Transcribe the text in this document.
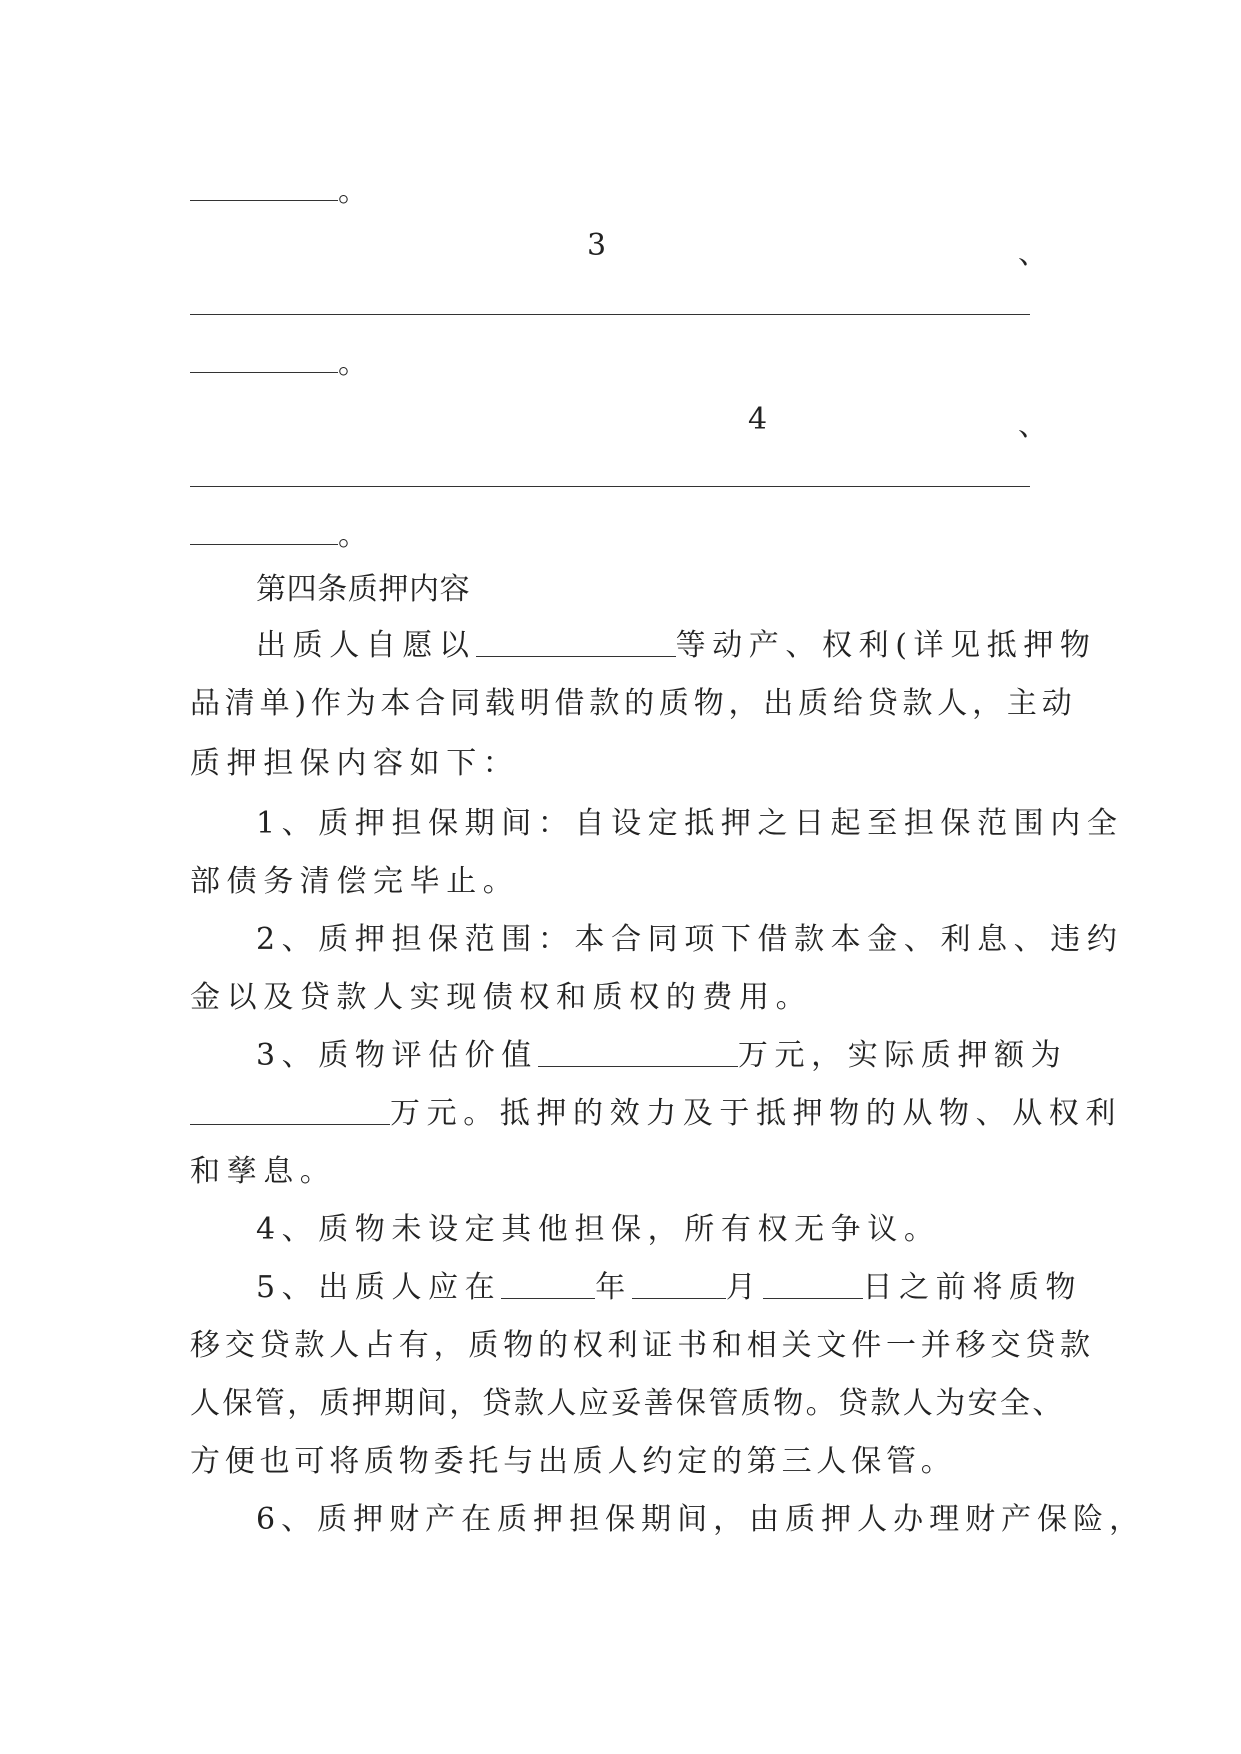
。
3	、
。
4	、
。
第四条质押内容
出质人自愿以	等动产、权利(详见抵押物
品清单)作为本合同载明借款的质物，出质给贷款人，主动
质押担保内容如下：
1、质押担保期间：自设定抵押之日起至担保范围内全
部债务清偿完毕止。
2、质押担保范围：本合同项下借款本金、利息、违约
金以及贷款人实现债权和质权的费用。
3、质物评估价值	万元，实际质押额为
万元。抵押的效力及于抵押物的从物、从权利
和孳息。
4、质物未设定其他担保，所有权无争议。
5、出质人应在	年	月	日之前将质物
移交贷款人占有，质物的权利证书和相关文件一并移交贷款
人保管，质押期间，贷款人应妥善保管质物。贷款人为安全、
方便也可将质物委托与出质人约定的第三人保管。
6、质押财产在质押担保期间，由质押人办理财产保险，
